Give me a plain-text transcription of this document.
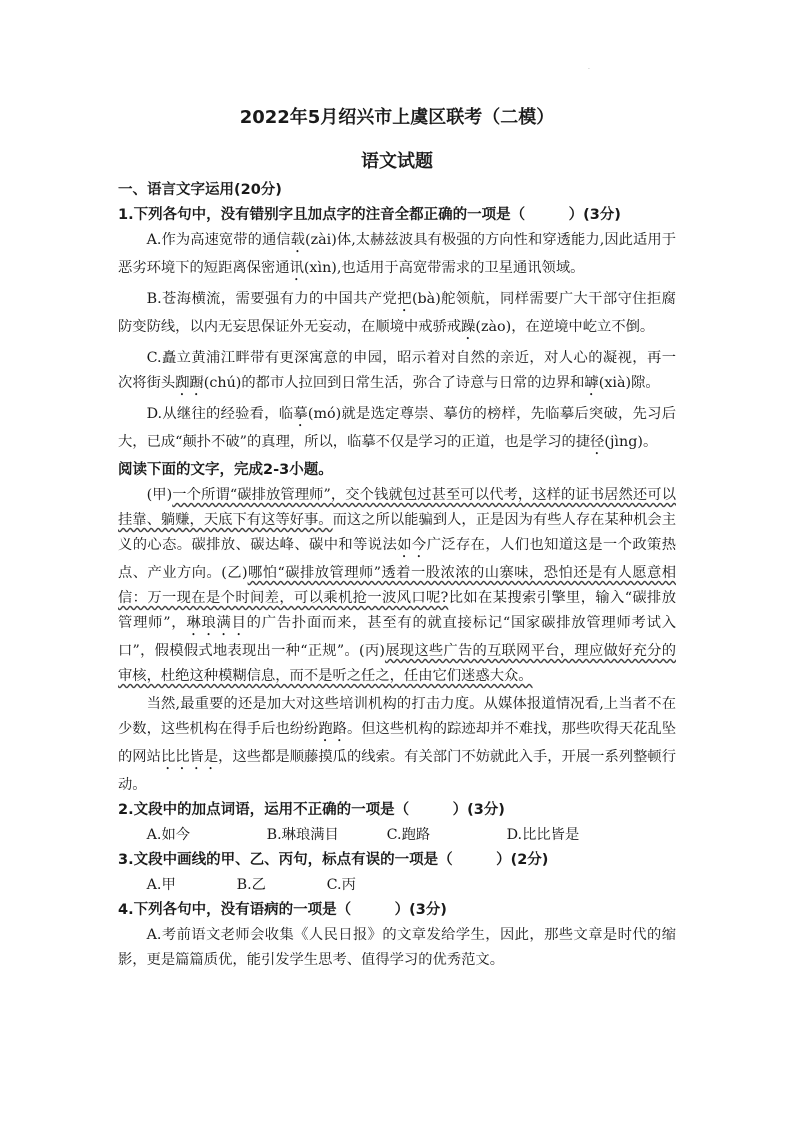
·
2022年5月绍兴市上虞区联考（二模）
语文试题

一、语言文字运用(20分)

1.下列各句中，没有错别字且加点字的注音全都正确的一项是（　　　）(3分)

A.作为高速宽带的通信载(zài)体,太赫兹波具有极强的方向性和穿透能力,因此适用于恶劣环境下的短距离保密通讯(xìn),也适用于高宽带需求的卫星通讯领域。

B.苍海横流，需要强有力的中国共产党把(bà)舵领航，同样需要广大干部守住拒腐防变防线，以内无妄思保证外无妄动，在顺境中戒骄戒躁(zào)，在逆境中屹立不倒。

C.矗立黄浦江畔带有更深寓意的申园，昭示着对自然的亲近，对人心的凝视，再一次将街头踟蹰(chú)的都市人拉回到日常生活，弥合了诗意与日常的边界和罅(xià)隙。

D.从继往的经验看，临摹(mó)就是选定尊崇、摹仿的榜样，先临摹后突破，先习后大，已成“颠扑不破”的真理，所以，临摹不仅是学习的正道，也是学习的捷径(jìng)。

阅读下面的文字，完成2-3小题。

(甲)一个所谓“碳排放管理师”，交个钱就包过甚至可以代考，这样的证书居然还可以挂靠、躺赚，天底下有这等好事。而这之所以能骗到人，正是因为有些人存在某种机会主义的心态。碳排放、碳达峰、碳中和等说法如今广泛存在，人们也知道这是一个政策热点、产业方向。(乙)哪怕“碳排放管理师”透着一股浓浓的山寨味，恐怕还是有人愿意相信：万一现在是个时间差，可以乘机抢一波风口呢?比如在某搜索引擎里，输入“碳排放管理师”，琳琅满目的广告扑面而来，甚至有的就直接标记“国家碳排放管理师考试入口”，假模假式地表现出一种“正规”。(丙)展现这些广告的互联网平台，理应做好充分的审核，杜绝这种模糊信息，而不是听之任之，任由它们迷惑大众。

当然,最重要的还是加大对这些培训机构的打击力度。从媒体报道情况看,上当者不在少数，这些机构在得手后也纷纷跑路。但这些机构的踪迹却并不难找，那些吹得天花乱坠的网站比比皆是，这些都是顺藤摸瓜的线索。有关部门不妨就此入手，开展一系列整顿行动。

2.文段中的加点词语，运用不正确的一项是（　　　）(3分)

A.如今	B.琳琅满目	C.跑路	D.比比皆是

3.文段中画线的甲、乙、丙句，标点有误的一项是（　　　）(2分)

A.甲	B.乙	C.丙

4.下列各句中，没有语病的一项是（　　　）(3分)

A.考前语文老师会收集《人民日报》的文章发给学生，因此，那些文章是时代的缩影，更是篇篇质优，能引发学生思考、值得学习的优秀范文。
